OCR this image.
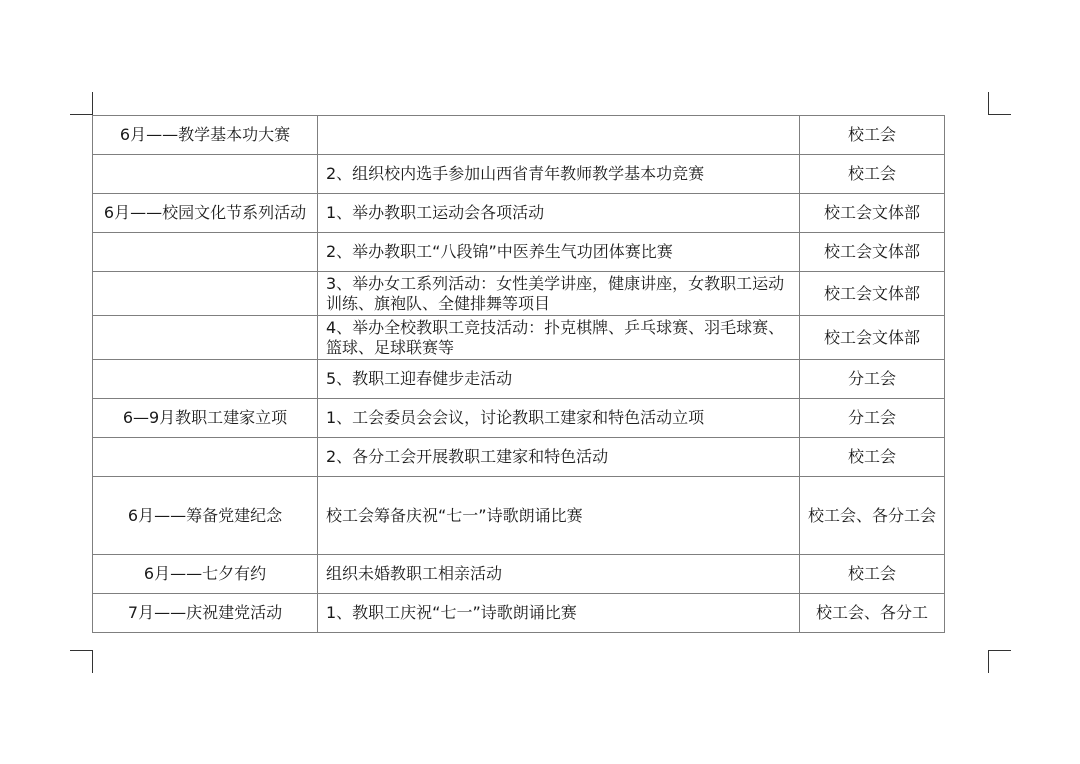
6月——教学基本功大赛		校工会
	2、组织校内选手参加山西省青年教师教学基本功竞赛	校工会
6月——校园文化节系列活动	1、举办教职工运动会各项活动	校工会文体部
	2、举办教职工“八段锦”中医养生气功团体赛比赛	校工会文体部
	3、举办女工系列活动：女性美学讲座，健康讲座，女教职工运动训练、旗袍队、全健排舞等项目	校工会文体部
	4、举办全校教职工竞技活动：扑克棋牌、乒乓球赛、羽毛球赛、篮球、足球联赛等	校工会文体部
	5、教职工迎春健步走活动	分工会
6—9月教职工建家立项	1、工会委员会会议，讨论教职工建家和特色活动立项	分工会
	2、各分工会开展教职工建家和特色活动	校工会
6月——筹备党建纪念	校工会筹备庆祝“七一”诗歌朗诵比赛	校工会、各分工会
6月——七夕有约	组织未婚教职工相亲活动	校工会
7月——庆祝建党活动	1、教职工庆祝“七一”诗歌朗诵比赛	校工会、各分工
